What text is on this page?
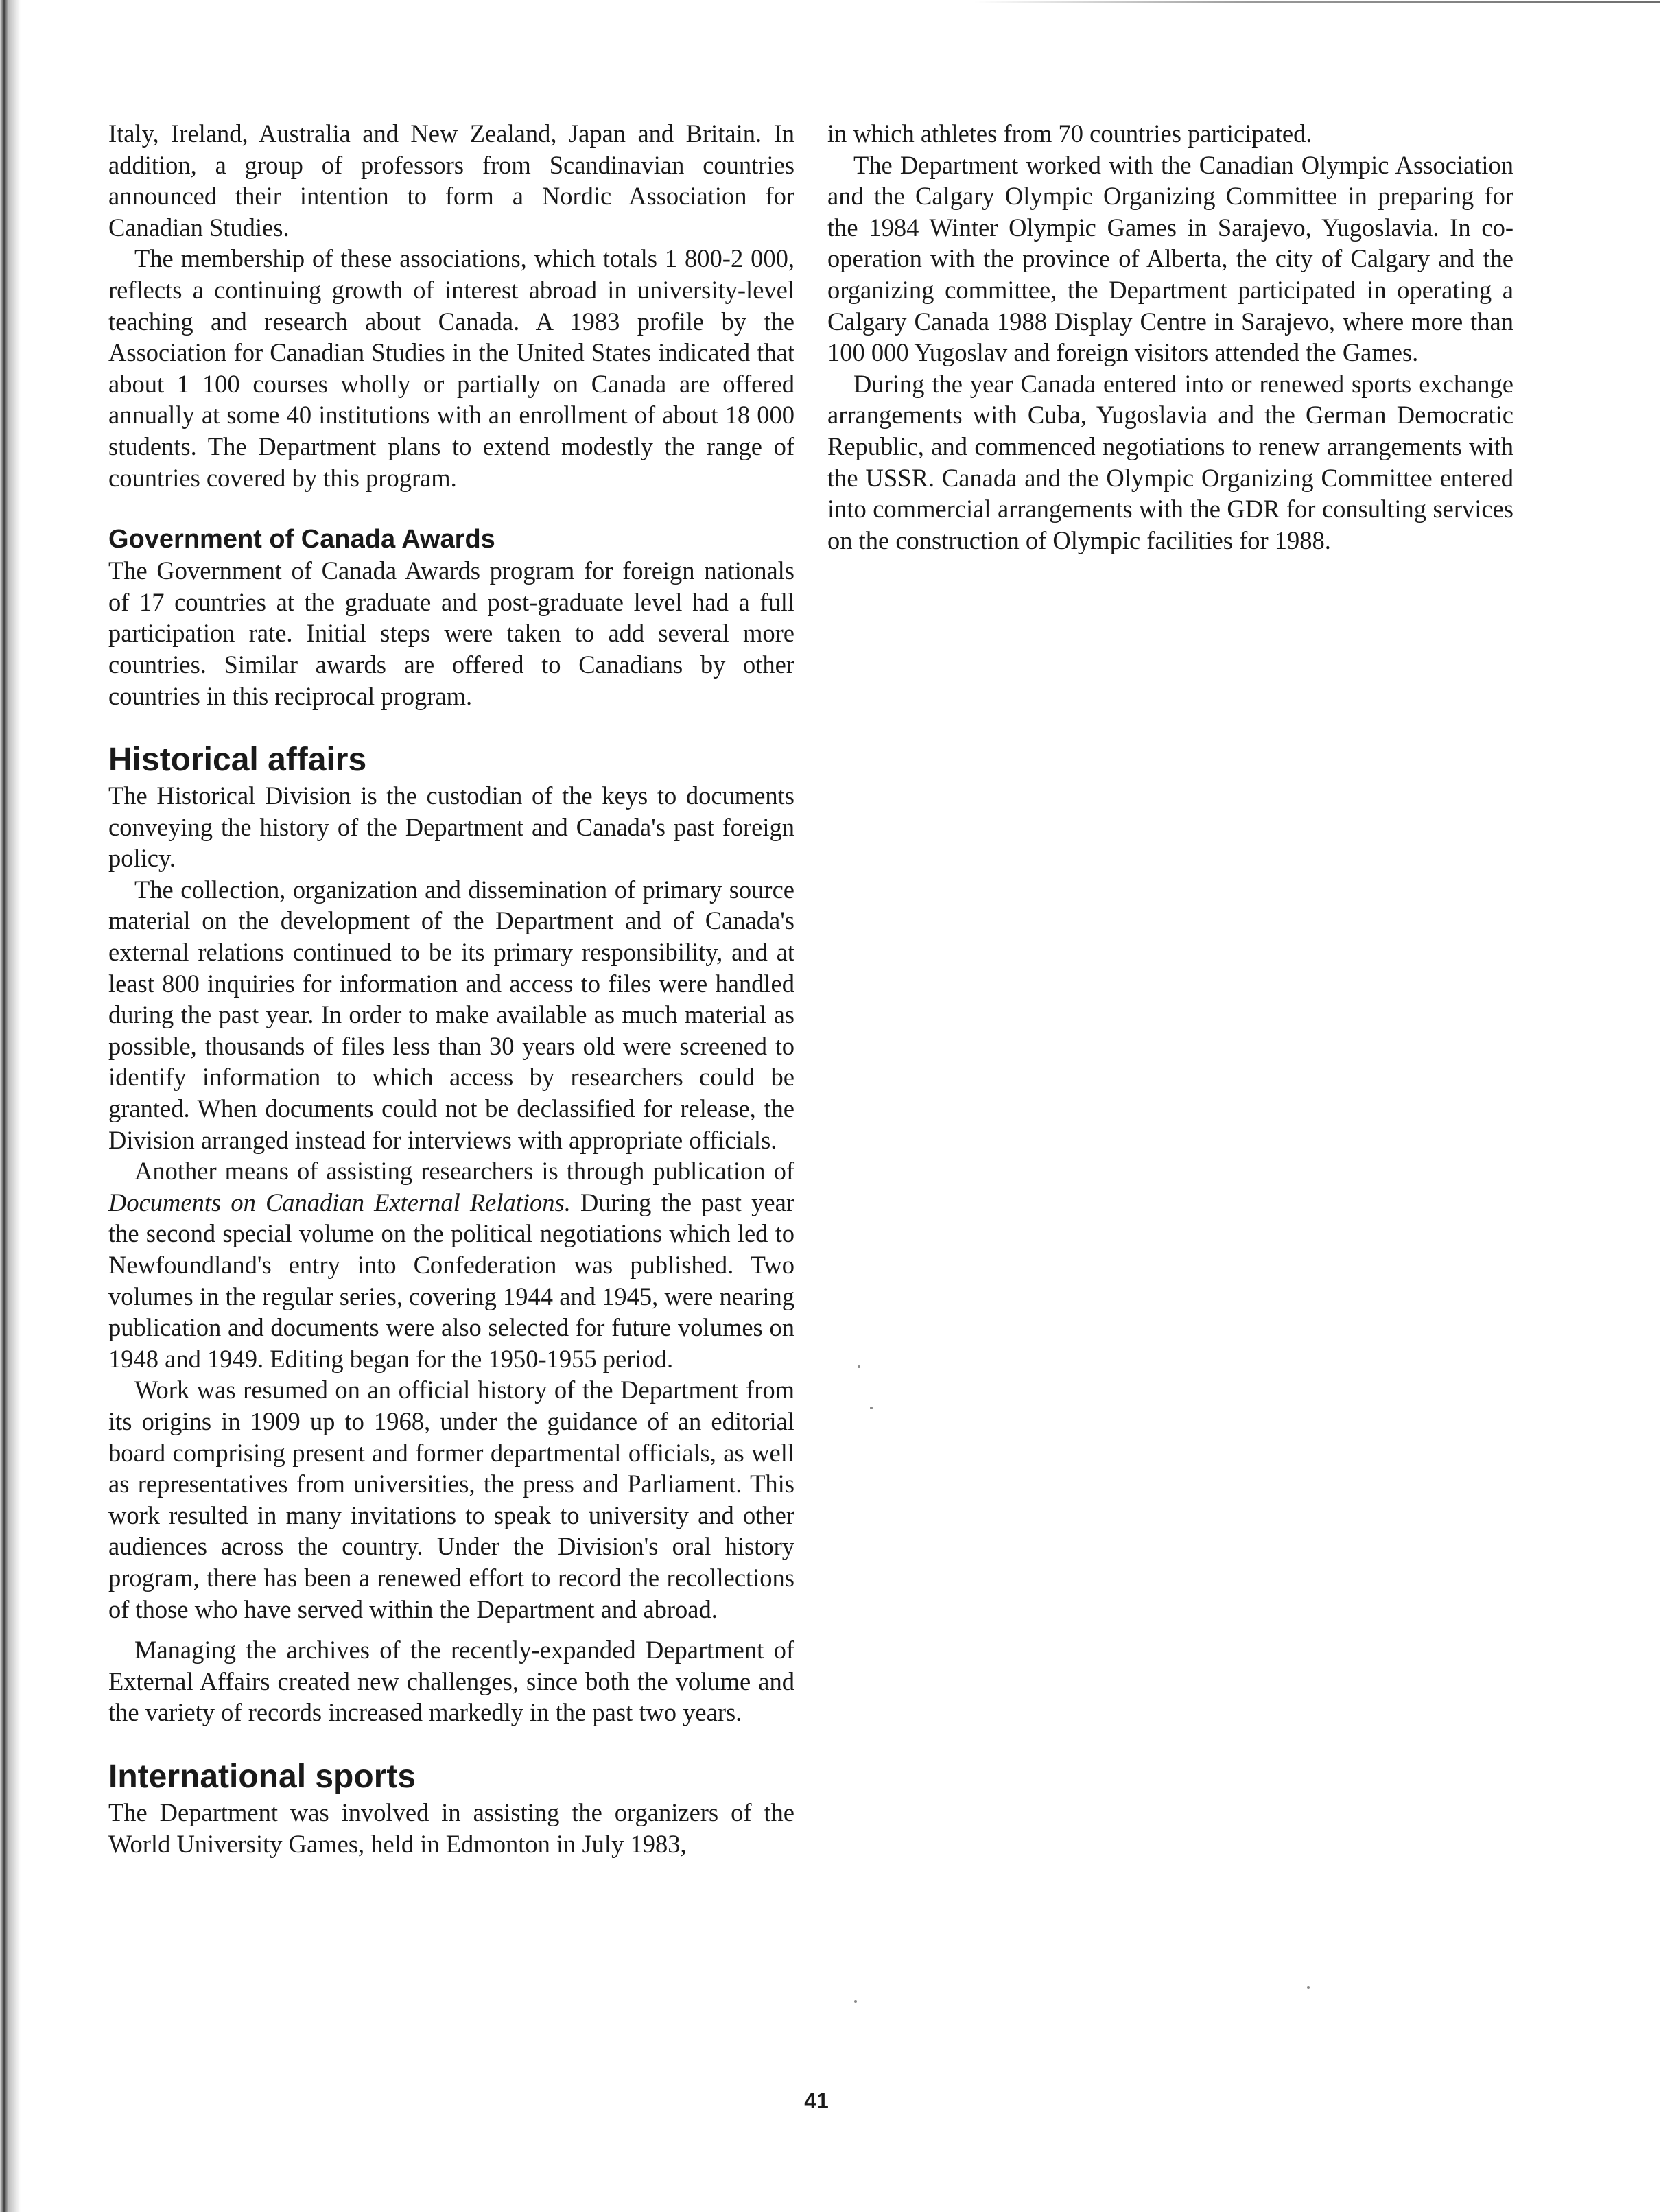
Italy, Ireland, Australia and New Zealand, Japan and Britain. In addition, a group of professors from Scandinavian countries announced their intention to form a Nordic Association for Canadian Studies.

The membership of these associations, which totals 1 800-2 000, reflects a continuing growth of interest abroad in university-level teaching and research about Canada. A 1983 profile by the Association for Canadian Studies in the United States indicated that about 1 100 courses wholly or partially on Canada are offered annually at some 40 institutions with an enrollment of about 18 000 students. The Department plans to extend modestly the range of countries covered by this program.

Government of Canada Awards

The Government of Canada Awards program for foreign nationals of 17 countries at the graduate and post-graduate level had a full participation rate. Initial steps were taken to add several more countries. Similar awards are offered to Canadians by other countries in this reciprocal program.

Historical affairs

The Historical Division is the custodian of the keys to documents conveying the history of the Department and Canada's past foreign policy.

The collection, organization and dissemination of primary source material on the development of the Department and of Canada's external relations continued to be its primary responsibility, and at least 800 inquiries for information and access to files were handled during the past year. In order to make available as much material as possible, thousands of files less than 30 years old were screened to identify information to which access by researchers could be granted. When documents could not be declassified for release, the Division arranged instead for interviews with appropriate officials.

Another means of assisting researchers is through publication of Documents on Canadian External Relations. During the past year the second special volume on the political negotiations which led to Newfoundland's entry into Confederation was published. Two volumes in the regular series, covering 1944 and 1945, were nearing publication and documents were also selected for future volumes on 1948 and 1949. Editing began for the 1950-1955 period.

Work was resumed on an official history of the Department from its origins in 1909 up to 1968, under the guidance of an editorial board comprising present and former departmental officials, as well as representatives from universities, the press and Parliament. This work resulted in many invitations to speak to university and other audiences across the country. Under the Division's oral history program, there has been a renewed effort to record the recollections of those who have served within the Department and abroad.

Managing the archives of the recently-expanded Department of External Affairs created new challenges, since both the volume and the variety of records increased markedly in the past two years.

International sports

The Department was involved in assisting the organizers of the World University Games, held in Edmonton in July 1983,

in which athletes from 70 countries participated.

The Department worked with the Canadian Olympic Association and the Calgary Olympic Organizing Committee in preparing for the 1984 Winter Olympic Games in Sarajevo, Yugoslavia. In co-operation with the province of Alberta, the city of Calgary and the organizing committee, the Department participated in operating a Calgary Canada 1988 Display Centre in Sarajevo, where more than 100 000 Yugoslav and foreign visitors attended the Games.

During the year Canada entered into or renewed sports exchange arrangements with Cuba, Yugoslavia and the German Democratic Republic, and commenced negotiations to renew arrangements with the USSR. Canada and the Olympic Organizing Committee entered into commercial arrangements with the GDR for consulting services on the construction of Olympic facilities for 1988.

41
